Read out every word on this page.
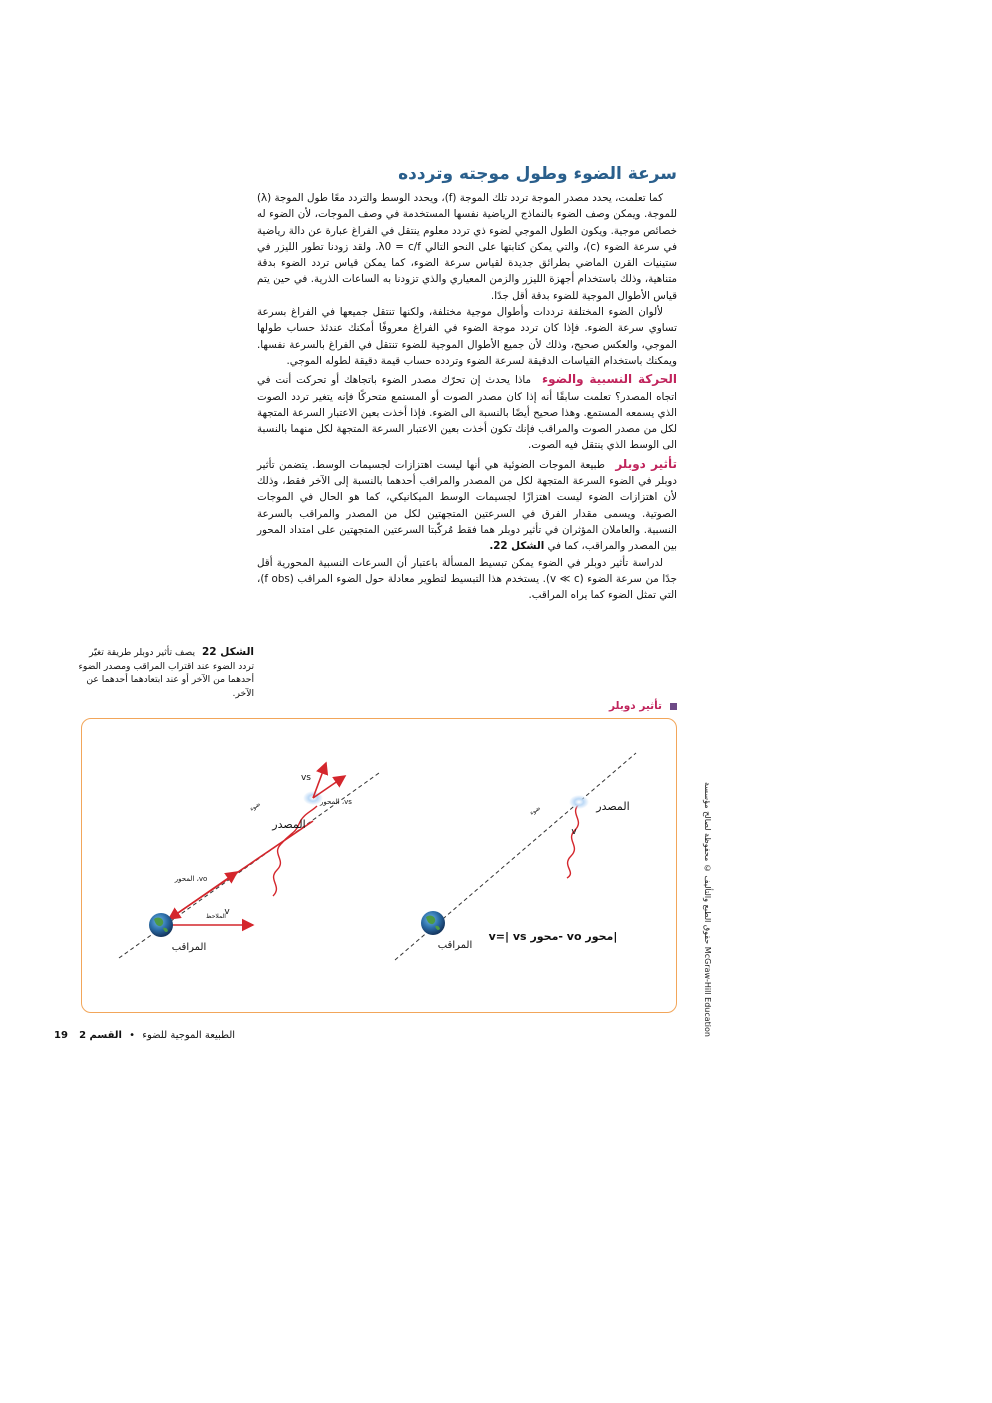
سرعة الضوء وطول موجته وتردده

كما تعلمت، يحدد مصدر الموجة تردد تلك الموجة (f)، ويحدد الوسط والتردد معًا طول الموجة (λ) للموجة. ويمكن وصف الضوء بالنماذج الرياضية نفسها المستخدمة في وصف الموجات، لأن الضوء له خصائص موجية. ويكون الطول الموجي لضوء ذي تردد معلوم ينتقل في الفراغ عبارة عن دالة رياضية في سرعة الضوء (c)، والتي يمكن كتابتها على النحو التالي λ0 = c/f. ولقد زودنا تطور الليزر في ستينيات القرن الماضي بطرائق جديدة لقياس سرعة الضوء، كما يمكن قياس تردد الضوء بدقة متناهية، وذلك باستخدام أجهزة الليزر والزمن المعياري والذي تزودنا به الساعات الذرية. في حين يتم قياس الأطوال الموجية للضوء بدقة أقل جدًا.

لألوان الضوء المختلفة ترددات وأطوال موجية مختلفة، ولكنها تنتقل جميعها في الفراغ بسرعة تساوي سرعة الضوء. فإذا كان تردد موجة الضوء في الفراغ معروفًا أمكنك عندئذ حساب طولها الموجي، والعكس صحيح، وذلك لأن جميع الأطوال الموجية للضوء تنتقل في الفراغ بالسرعة نفسها. ويمكنك باستخدام القياسات الدقيقة لسرعة الضوء وتردده حساب قيمة دقيقة لطوله الموجي.

الحركة النسبية والضوء ماذا يحدث إن تحرّك مصدر الضوء باتجاهك أو تحركت أنت في اتجاه المصدر؟ تعلمت سابقًا أنه إذا كان مصدر الصوت أو المستمع متحركًا فإنه يتغير تردد الصوت الذي يسمعه المستمع. وهذا صحيح أيضًا بالنسبة الى الضوء. فإذا أخذت بعين الاعتبار السرعة المتجهة لكل من مصدر الصوت والمراقب فإنك تكون أخذت بعين الاعتبار السرعة المتجهة لكل منهما بالنسبة الى الوسط الذي ينتقل فيه الصوت.

تأثير دوبلر طبيعة الموجات الضوئية هي أنها ليست اهتزازات لجسيمات الوسط. يتضمن تأثير دوبلر في الضوء السرعة المتجهة لكل من المصدر والمراقب أحدهما بالنسبة إلى الآخر فقط، وذلك لأن اهتزازات الضوء ليست اهتزازًا لجسيمات الوسط الميكانيكي، كما هو الحال في الموجات الصوتية. ويسمى مقدار الفرق في السرعتين المتجهتين لكل من المصدر والمراقب بالسرعة النسبية. والعاملان المؤثران في تأثير دوبلر هما فقط مُركّبتا السرعتين المتجهتين على امتداد المحور بين المصدر والمراقب، كما في الشكل 22.

لدراسة تأثير دوبلر في الضوء يمكن تبسيط المسألة باعتبار أن السرعات النسبية المحورية أقل جدًا من سرعة الضوء (v ≪ c). يستخدم هذا التبسيط لتطوير معادلة حول الضوء المراقب (f obs)، التي تمثل الضوء كما يراه المراقب.

الشكل 22 يصف تأثير دوبلر طريقة تغيّر تردد الضوء عند اقتراب المراقب ومصدر الضوء أحدهما من الآخر أو عند ابتعادهما أحدهما عن الآخر.
تأثير دوبلر
المصدر
المراقب
vs
vs، المحور
vo، المحور
v
الملاحظ
ضوء	المصدر
المراقب
v
ضوء
v=| vs محور- vo محور|	حقوق الطبع والتأليف © محفوظة لصالح مؤسسة McGraw-Hill Education
19	الطبيعة الموجية للضوء • القسم 2
